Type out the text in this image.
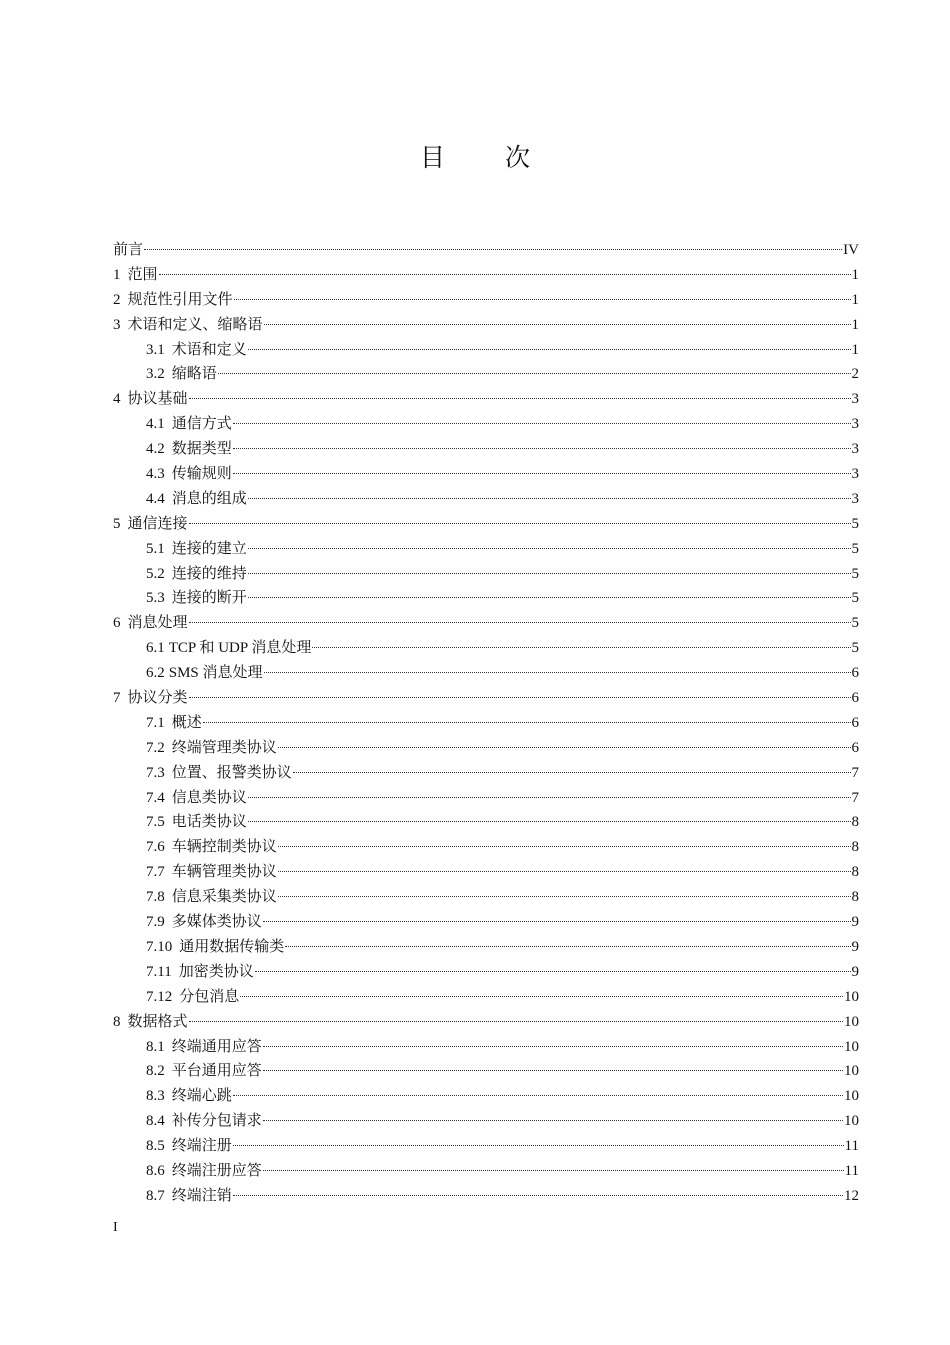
目 次
前言	IV
1 范围	1
2 规范性引用文件	1
3 术语和定义、缩略语	1
3.1 术语和定义	1
3.2 缩略语	2
4 协议基础	3
4.1 通信方式	3
4.2 数据类型	3
4.3 传输规则	3
4.4 消息的组成	3
5 通信连接	5
5.1 连接的建立	5
5.2 连接的维持	5
5.3 连接的断开	5
6 消息处理	5
6.1 TCP 和 UDP 消息处理	5
6.2 SMS 消息处理	6
7 协议分类	6
7.1 概述	6
7.2 终端管理类协议	6
7.3 位置、报警类协议	7
7.4 信息类协议	7
7.5 电话类协议	8
7.6 车辆控制类协议	8
7.7 车辆管理类协议	8
7.8 信息采集类协议	8
7.9 多媒体类协议	9
7.10 通用数据传输类	9
7.11 加密类协议	9
7.12 分包消息	10
8 数据格式	10
8.1 终端通用应答	10
8.2 平台通用应答	10
8.3 终端心跳	10
8.4 补传分包请求	10
8.5 终端注册	11
8.6 终端注册应答	11
8.7 终端注销	12
I
